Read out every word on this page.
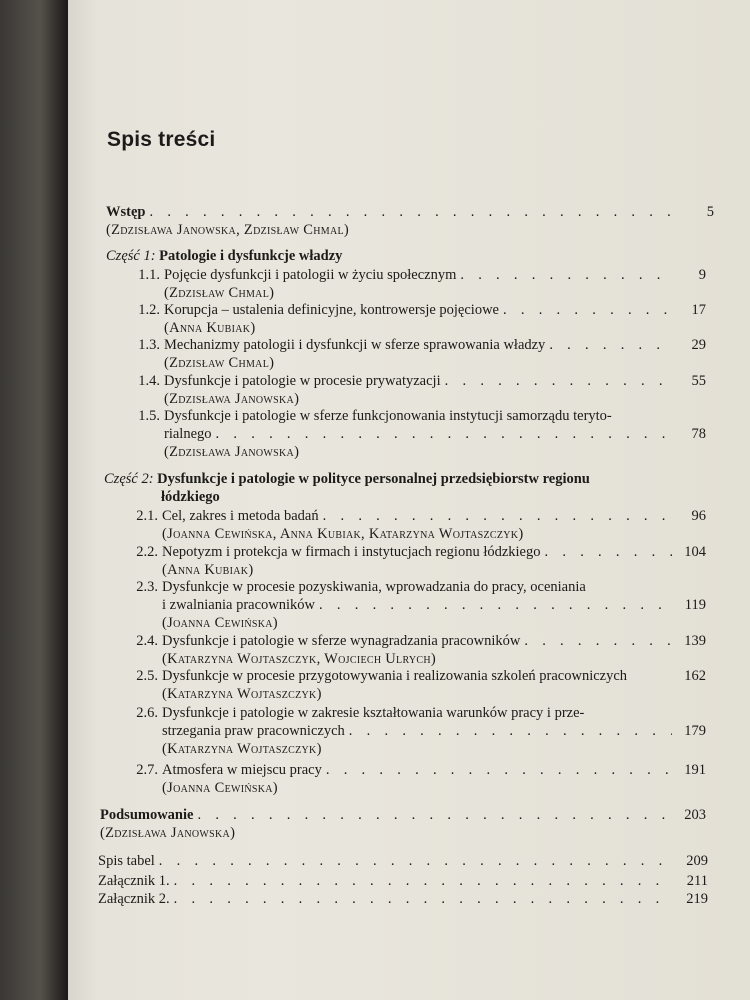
Spis treści
Wstęp . . .	5
(Zdzisława Janowska, Zdzisław Chmal)
Część 1: Patologie i dysfunkcje władzy
1.1. Pojęcie dysfunkcji i patologii w życiu społecznym . . .	9
(Zdzisław Chmal)
1.2. Korupcja – ustalenia definicyjne, kontrowersje pojęciowe . . .	17
(Anna Kubiak)
1.3. Mechanizmy patologii i dysfunkcji w sferze sprawowania władzy . . .	29
(Zdzisław Chmal)
1.4. Dysfunkcje i patologie w procesie prywatyzacji . . .	55
(Zdzisława Janowska)
1.5. Dysfunkcje i patologie w sferze funkcjonowania instytucji samorządu teryto-
rialnego . . .	78
(Zdzisława Janowska)
Część 2: Dysfunkcje i patologie w polityce personalnej przedsiębiorstw regionu
łódzkiego
2.1. Cel, zakres i metoda badań . . .	96
(Joanna Cewińska, Anna Kubiak, Katarzyna Wojtaszczyk)
2.2. Nepotyzm i protekcja w firmach i instytucjach regionu łódzkiego . . .	104
(Anna Kubiak)
2.3. Dysfunkcje w procesie pozyskiwania, wprowadzania do pracy, oceniania
i zwalniania pracowników . . .	119
(Joanna Cewińska)
2.4. Dysfunkcje i patologie w sferze wynagradzania pracowników . . .	139
(Katarzyna Wojtaszczyk, Wojciech Ulrych)
2.5. Dysfunkcje w procesie przygotowywania i realizowania szkoleń pracowniczych	162
(Katarzyna Wojtaszczyk)
2.6. Dysfunkcje i patologie w zakresie kształtowania warunków pracy i prze-
strzegania praw pracowniczych . . .	179
(Katarzyna Wojtaszczyk)
2.7. Atmosfera w miejscu pracy . . .	191
(Joanna Cewińska)
Podsumowanie . . .	203
(Zdzisława Janowska)
Spis tabel . . .	209
Załącznik 1. . . .	211
Załącznik 2. . . .	219
